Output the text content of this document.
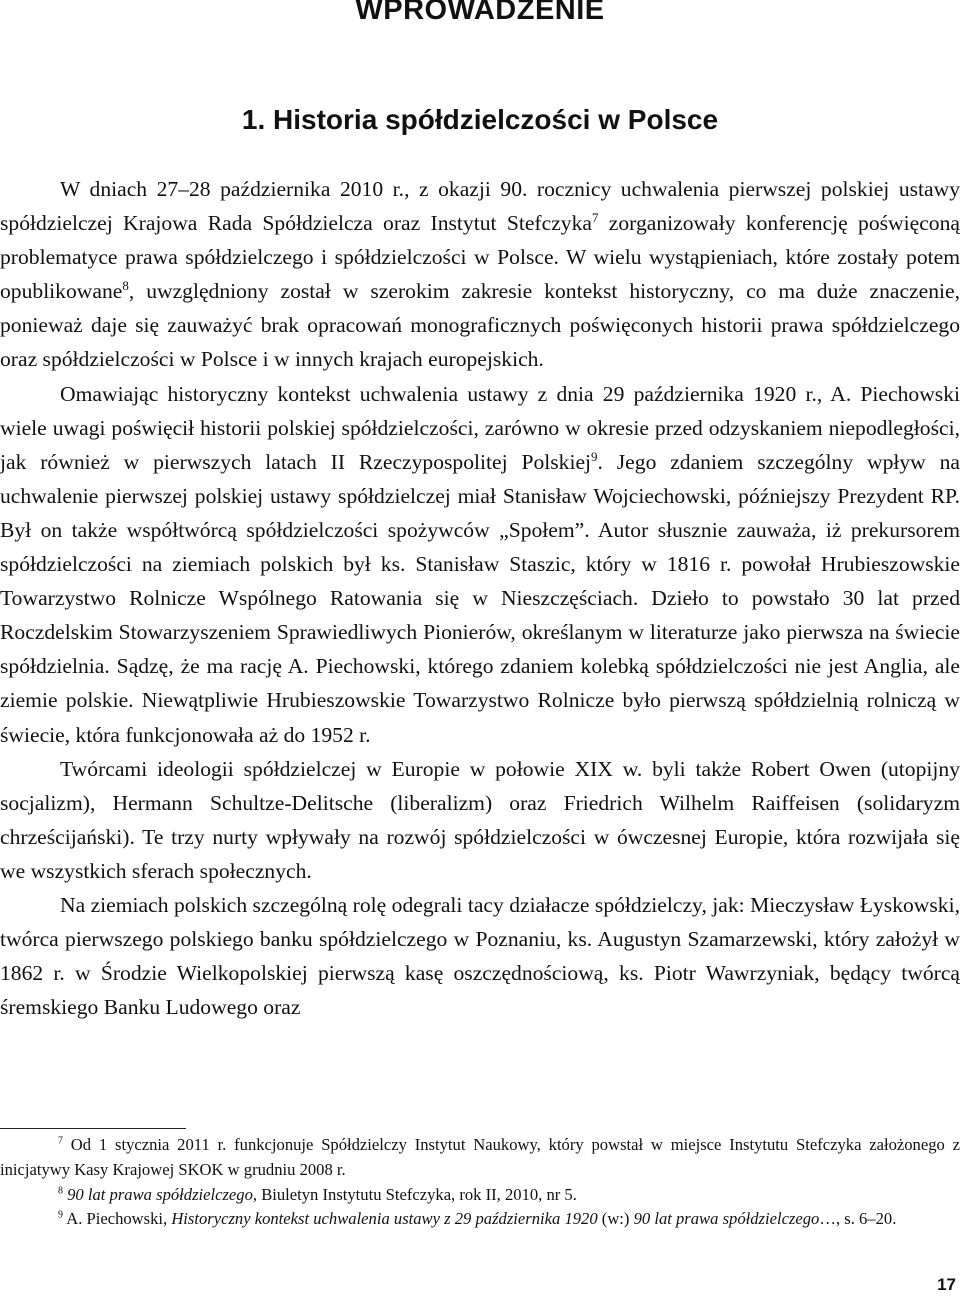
WPROWADZENIE
1. Historia spółdzielczości w Polsce

W dniach 27–28 października 2010 r., z okazji 90. rocznicy uchwalenia pierwszej polskiej ustawy spółdzielczej Krajowa Rada Spółdzielcza oraz Instytut Stefczyka$^7$ zorganizowały konferencję poświęconą problematyce prawa spółdzielczego i spółdzielczości w Polsce. W wielu wystąpieniach, które zostały potem opublikowane$^8$, uwzględniony został w szerokim zakresie kontekst historyczny, co ma duże znaczenie, ponieważ daje się zauważyć brak opracowań monograficznych poświęconych historii prawa spółdzielczego oraz spółdzielczości w Polsce i w innych krajach europejskich.

Omawiając historyczny kontekst uchwalenia ustawy z dnia 29 października 1920 r., A. Piechowski wiele uwagi poświęcił historii polskiej spółdzielczości, zarówno w okresie przed odzyskaniem niepodległości, jak również w pierwszych latach II Rzeczypospolitej Polskiej$^9$. Jego zdaniem szczególny wpływ na uchwalenie pierwszej polskiej ustawy spółdzielczej miał Stanisław Wojciechowski, późniejszy Prezydent RP. Był on także współtwórcą spółdzielczości spożywców „Społem”. Autor słusznie zauważa, iż prekursorem spółdzielczości na ziemiach polskich był ks. Stanisław Staszic, który w 1816 r. powołał Hrubieszowskie Towarzystwo Rolnicze Wspólnego Ratowania się w Nieszczęściach. Dzieło to powstało 30 lat przed Roczdelskim Stowarzyszeniem Sprawiedliwych Pionierów, określanym w literaturze jako pierwsza na świecie spółdzielnia. Sądzę, że ma rację A. Piechowski, którego zdaniem kolebką spółdzielczości nie jest Anglia, ale ziemie polskie. Niewątpliwie Hrubieszowskie Towarzystwo Rolnicze było pierwszą spółdzielnią rolniczą w świecie, która funkcjonowała aż do 1952 r.

Twórcami ideologii spółdzielczej w Europie w połowie XIX w. byli także Robert Owen (utopijny socjalizm), Hermann Schultze-Delitsche (liberalizm) oraz Friedrich Wilhelm Raiffeisen (solidaryzm chrześcijański). Te trzy nurty wpływały na rozwój spółdzielczości w ówczesnej Europie, która rozwijała się we wszystkich sferach społecznych.

Na ziemiach polskich szczególną rolę odegrali tacy działacze spółdzielczy, jak: Mieczysław Łyskowski, twórca pierwszego polskiego banku spółdzielczego w Poznaniu, ks. Augustyn Szamarzewski, który założył w 1862 r. w Środzie Wielkopolskiej pierwszą kasę oszczędnościową, ks. Piotr Wawrzyniak, będący twórcą śremskiego Banku Ludowego oraz

$^7$ Od 1 stycznia 2011 r. funkcjonuje Spółdzielczy Instytut Naukowy, który powstał w miejsce Instytutu Stefczyka założonego z inicjatywy Kasy Krajowej SKOK w grudniu 2008 r.

$^8$ 90 lat prawa spółdzielczego, Biuletyn Instytutu Stefczyka, rok II, 2010, nr 5.

$^9$ A. Piechowski, Historyczny kontekst uchwalenia ustawy z 29 października 1920 (w:) 90 lat prawa spółdzielczego…, s. 6–20.

17
